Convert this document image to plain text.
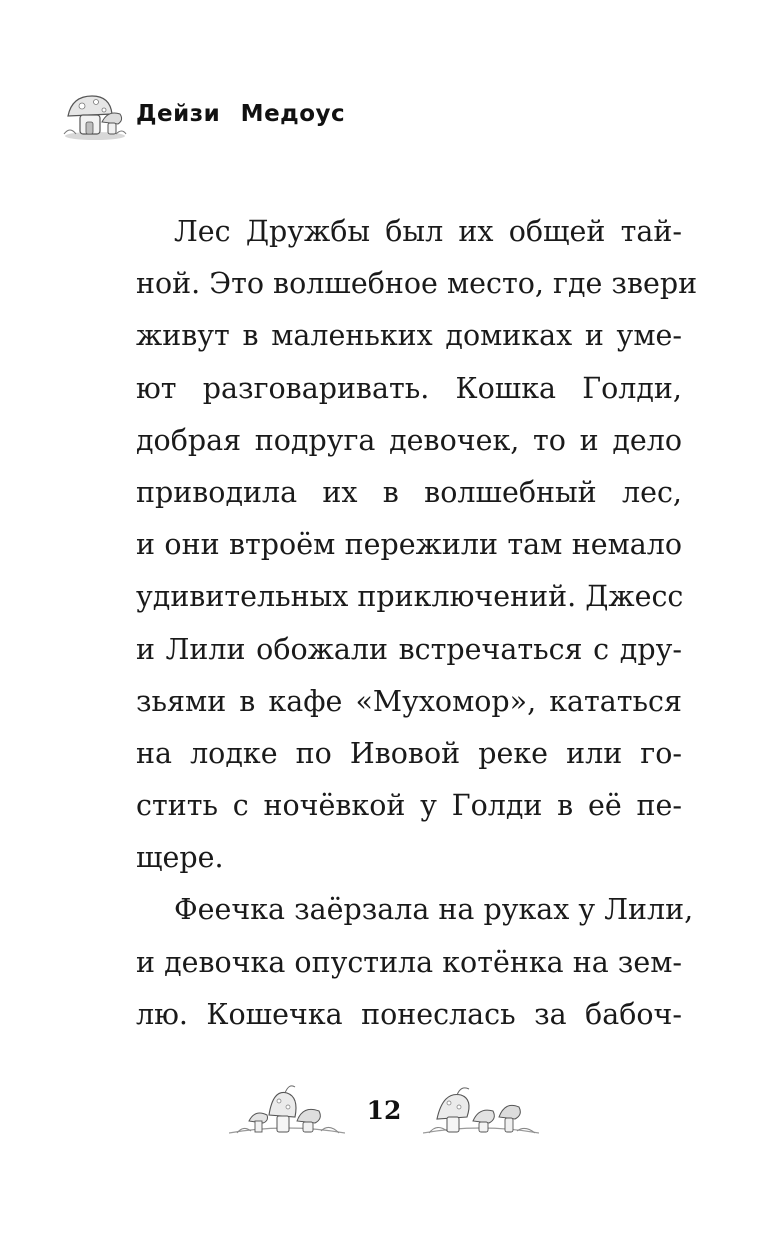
Дейзи Медоус
Лес Дружбы был их общей тай-
ной. Это волшебное место, где звери
живут в маленьких домиках и уме-
ют разговаривать. Кошка Голди,
добрая подруга девочек, то и дело
приводила их в волшебный лес,
и они втроём пережили там немало
удивительных приключений. Джесс
и Лили обожали встречаться с дру-
зьями в кафе «Мухомор», кататься
на лодке по Ивовой реке или го-
стить с ночёвкой у Голди в её пе-
щере.
Феечка заёрзала на руках у Лили,
и девочка опустила котёнка на зем-
лю. Кошечка понеслась за бабоч-
12
